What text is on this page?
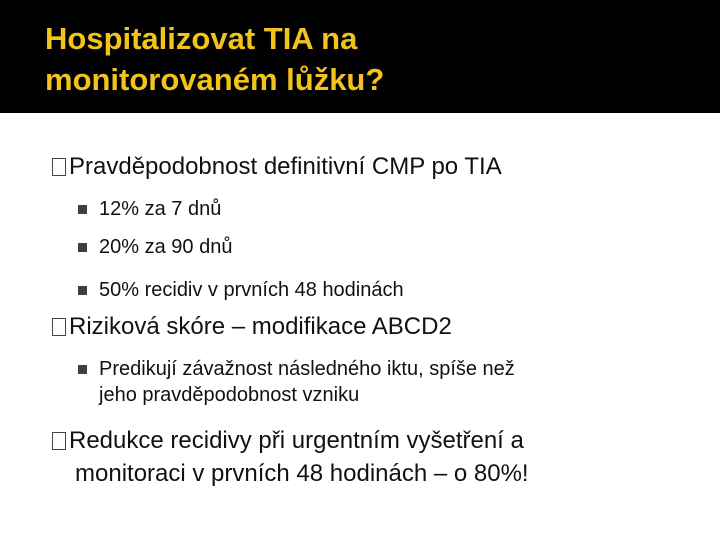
Hospitalizovat TIA na
monitorovaném lůžku?
Pravděpodobnost definitivní CMP po TIA
12% za 7 dnů
20% za 90 dnů
50% recidiv v prvních 48 hodinách
Riziková skóre – modifikace ABCD2
Predikují závažnost následného iktu, spíše než
jeho pravděpodobnost vzniku
Redukce recidivy při urgentním vyšetření a
monitoraci v prvních 48 hodinách – o 80%!
